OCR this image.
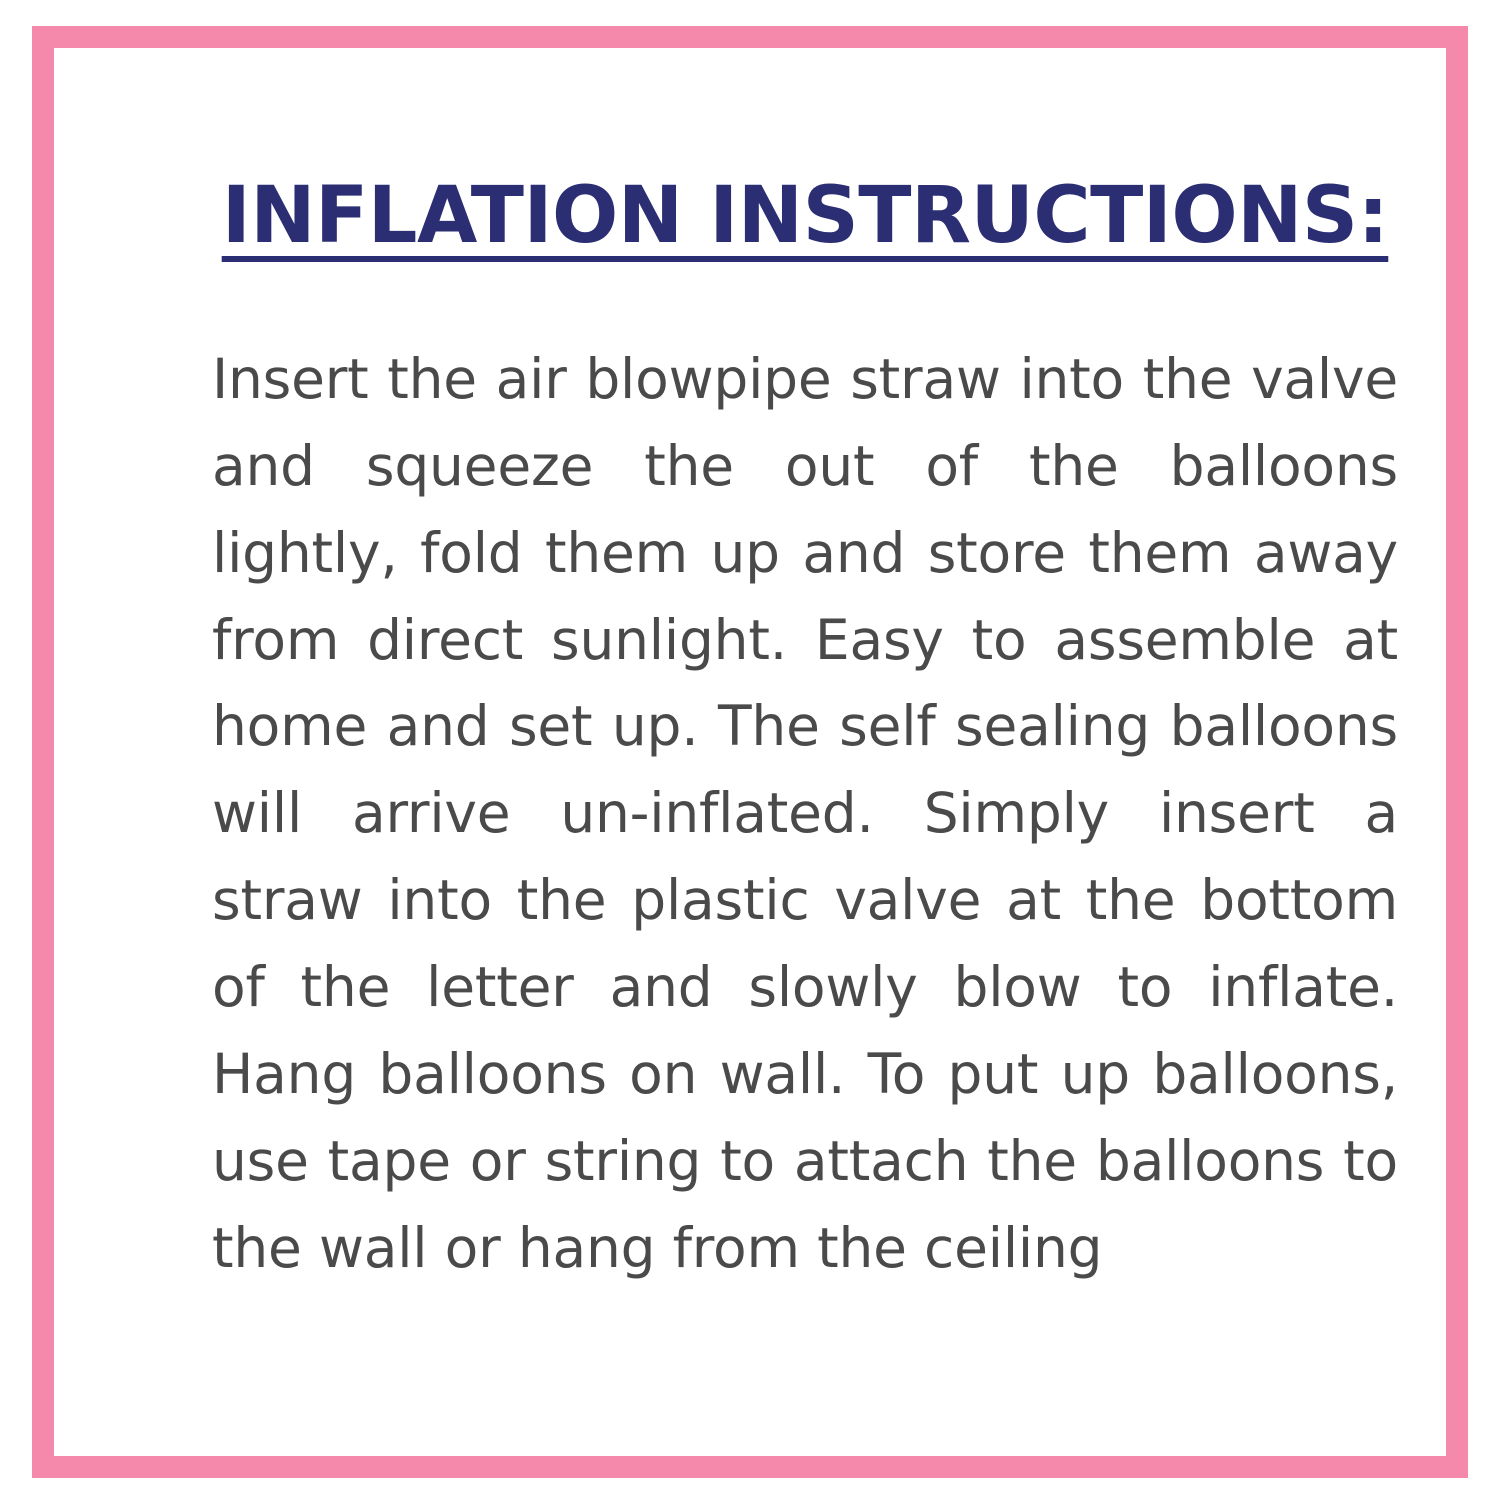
INFLATION INSTRUCTIONS:

Insert the air blowpipe straw into the valve and squeeze the out of the balloons lightly, fold them up and store them away from direct sunlight. Easy to assemble at home and set up. The self sealing balloons will arrive un-inflated. Simply insert a straw into the plastic valve at the bottom of the letter and slowly blow to inflate. Hang balloons on wall. To put up balloons, use tape or string to attach the balloons to the wall or hang from the ceiling
